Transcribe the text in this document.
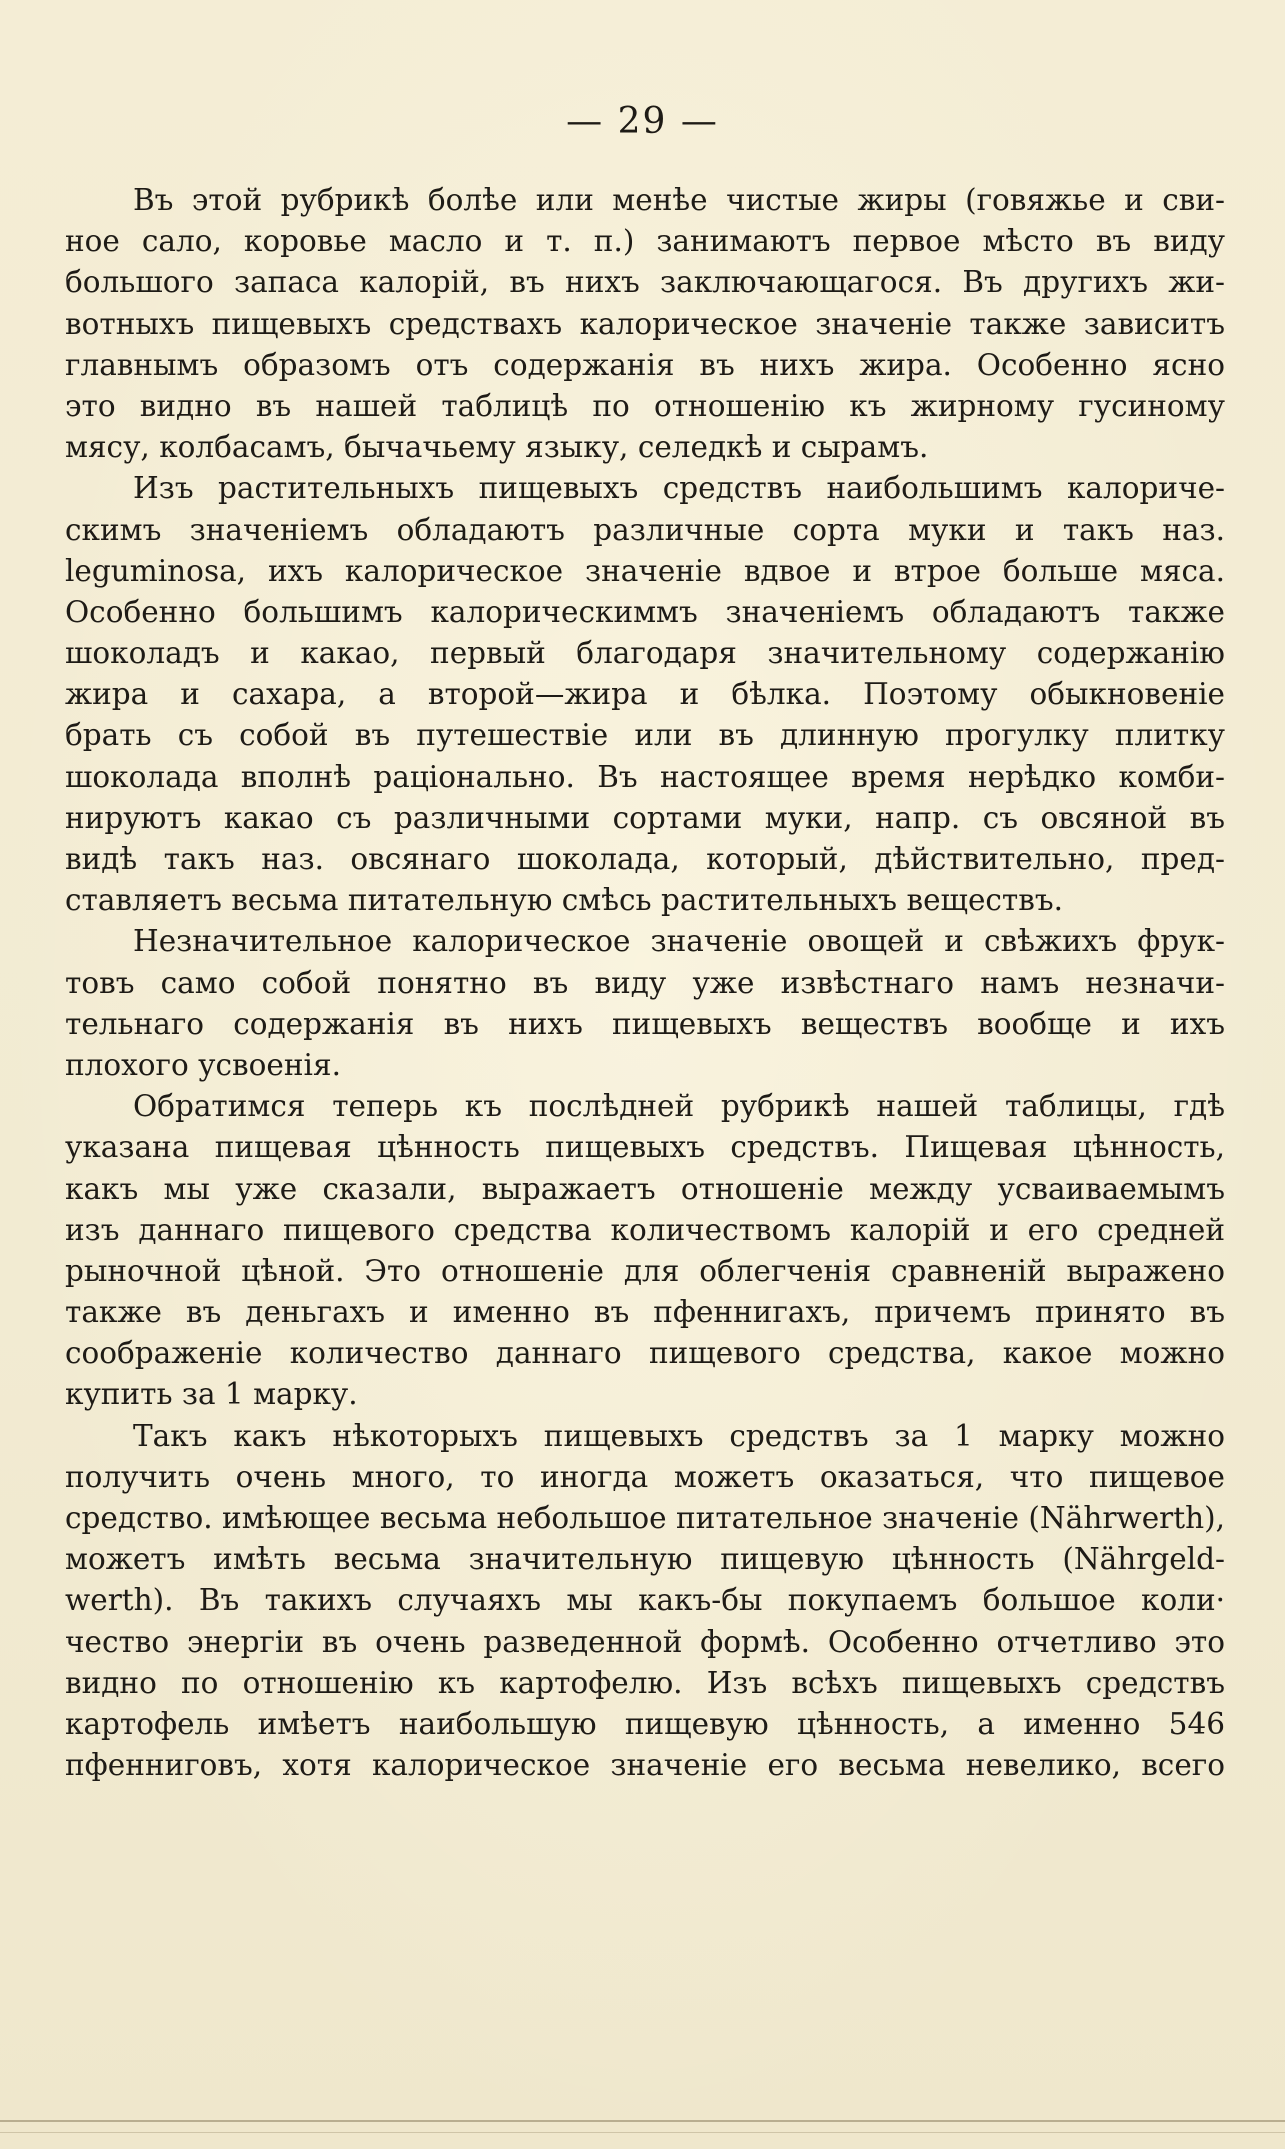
— 29 —
Въ этой рубрикѣ болѣе или менѣе чистые жиры (говяжье и сви-
ное сало, коровье масло и т. п.) занимаютъ первое мѣсто въ виду
большого запаса калорій, въ нихъ заключающагося. Въ другихъ жи-
вотныхъ пищевыхъ средствахъ калорическое значеніе также зависитъ
главнымъ образомъ отъ содержанія въ нихъ жира. Особенно ясно
это видно въ нашей таблицѣ по отношенію къ жирному гусиному
мясу, колбасамъ, бычачьему языку, селедкѣ и сырамъ.
Изъ растительныхъ пищевыхъ средствъ наибольшимъ калориче-
скимъ значеніемъ обладаютъ различные сорта муки и такъ наз.
leguminosa, ихъ калорическое значеніе вдвое и втрое больше мяса.
Особенно большимъ калорическиммъ значеніемъ обладаютъ также
шоколадъ и какао, первый благодаря значительному содержанію
жира и сахара, а второй—жира и бѣлка. Поэтому обыкновеніе
брать съ собой въ путешествіе или въ длинную прогулку плитку
шоколада вполнѣ раціонально. Въ настоящее время нерѣдко комби-
нируютъ какао съ различными сортами муки, напр. съ овсяной въ
видѣ такъ наз. овсянаго шоколада, который, дѣйствительно, пред-
ставляетъ весьма питательную смѣсь растительныхъ веществъ.
Незначительное калорическое значеніе овощей и свѣжихъ фрук-
товъ само собой понятно въ виду уже извѣстнаго намъ незначи-
тельнаго содержанія въ нихъ пищевыхъ веществъ вообще и ихъ
плохого усвоенія.
Обратимся теперь къ послѣдней рубрикѣ нашей таблицы, гдѣ
указана пищевая цѣнность пищевыхъ средствъ. Пищевая цѣнность,
какъ мы уже сказали, выражаетъ отношеніе между усваиваемымъ
изъ даннаго пищевого средства количествомъ калорій и его средней
рыночной цѣной. Это отношеніе для облегченія сравненій выражено
также въ деньгахъ и именно въ пфеннигахъ, причемъ принято въ
соображеніе количество даннаго пищевого средства, какое можно
купить за 1 марку.
Такъ какъ нѣкоторыхъ пищевыхъ средствъ за 1 марку можно
получить очень много, то иногда можетъ оказаться, что пищевое
средство. имѣющее весьма небольшое питательное значеніе (Nährwerth),
можетъ имѣть весьма значительную пищевую цѣнность (Nährgeld-
werth). Въ такихъ случаяхъ мы какъ-бы покупаемъ большое коли·
чество энергіи въ очень разведенной формѣ. Особенно отчетливо это
видно по отношенію къ картофелю. Изъ всѣхъ пищевыхъ средствъ
картофель имѣетъ наибольшую пищевую цѣнность, а именно 546
пфенниговъ, хотя калорическое значеніе его весьма невелико, всего
